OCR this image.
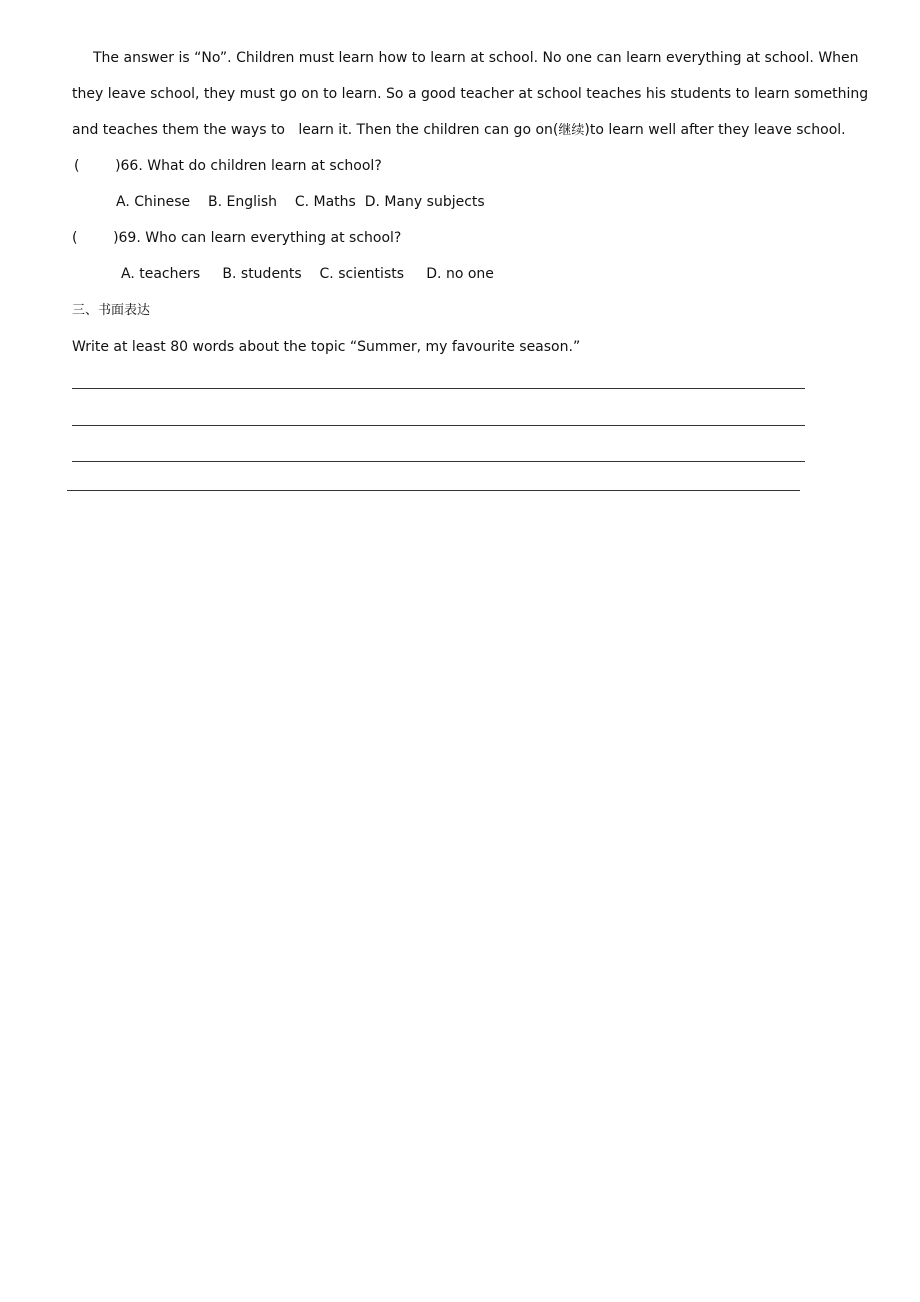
The answer is “No”. Children must learn how to learn at school. No one can learn everything at school. When
they leave school, they must go on to learn. So a good teacher at school teaches his students to learn something
and teaches them the ways to   learn it. Then the children can go on(继续)to learn well after they leave school.
(        )66. What do children learn at school?
A. Chinese    B. English    C. Maths  D. Many subjects
(        )69. Who can learn everything at school?
A. teachers     B. students    C. scientists     D. no one
三、书面表达
Write at least 80 words about the topic “Summer, my favourite season.”
